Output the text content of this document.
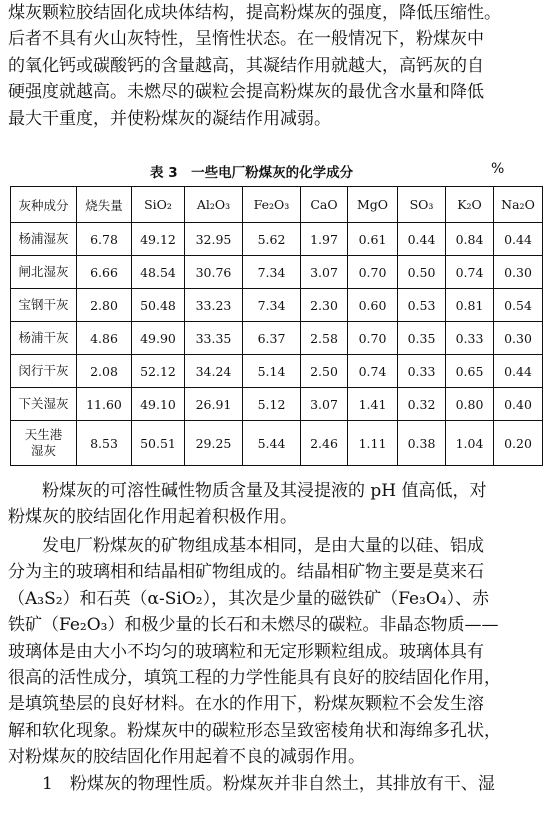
煤灰颗粒胶结固化成块体结构，提高粉煤灰的强度，降低压缩性。

后者不具有火山灰特性，呈惰性状态。在一般情况下，粉煤灰中

的氧化钙或碳酸钙的含量越高，其凝结作用就越大，高钙灰的自

硬强度就越高。未燃尽的碳粒会提高粉煤灰的最优含水量和降低

最大干重度，并使粉煤灰的凝结作用减弱。

表 3　一些电厂粉煤灰的化学成分	%
灰种成分	烧失量	SiO₂	Al₂O₃	Fe₂O₃	CaO	MgO	SO₃	K₂O	Na₂O
杨浦湿灰	6.78	49.12	32.95	5.62	1.97	0.61	0.44	0.84	0.44
闸北湿灰	6.66	48.54	30.76	7.34	3.07	0.70	0.50	0.74	0.30
宝钢干灰	2.80	50.48	33.23	7.34	2.30	0.60	0.53	0.81	0.54
杨浦干灰	4.86	49.90	33.35	6.37	2.58	0.70	0.35	0.33	0.30
闵行干灰	2.08	52.12	34.24	5.14	2.50	0.74	0.33	0.65	0.44
下关湿灰	11.60	49.10	26.91	5.12	3.07	1.41	0.32	0.80	0.40
天生港
湿灰	8.53	50.51	29.25	5.44	2.46	1.11	0.38	1.04	0.20

粉煤灰的可溶性碱性物质含量及其浸提液的 pH 值高低，对

粉煤灰的胶结固化作用起着积极作用。

发电厂粉煤灰的矿物组成基本相同，是由大量的以硅、铝成

分为主的玻璃相和结晶相矿物组成的。结晶相矿物主要是莫来石

（A₃S₂）和石英（α-SiO₂），其次是少量的磁铁矿（Fe₃O₄）、赤

铁矿（Fe₂O₃）和极少量的长石和未燃尽的碳粒。非晶态物质——

玻璃体是由大小不均匀的玻璃粒和无定形颗粒组成。玻璃体具有

很高的活性成分，填筑工程的力学性能具有良好的胶结固化作用，

是填筑垫层的良好材料。在水的作用下，粉煤灰颗粒不会发生溶

解和软化现象。粉煤灰中的碳粒形态呈致密棱角状和海绵多孔状，

对粉煤灰的胶结固化作用起着不良的减弱作用。

1　粉煤灰的物理性质。粉煤灰并非自然土，其排放有干、湿
